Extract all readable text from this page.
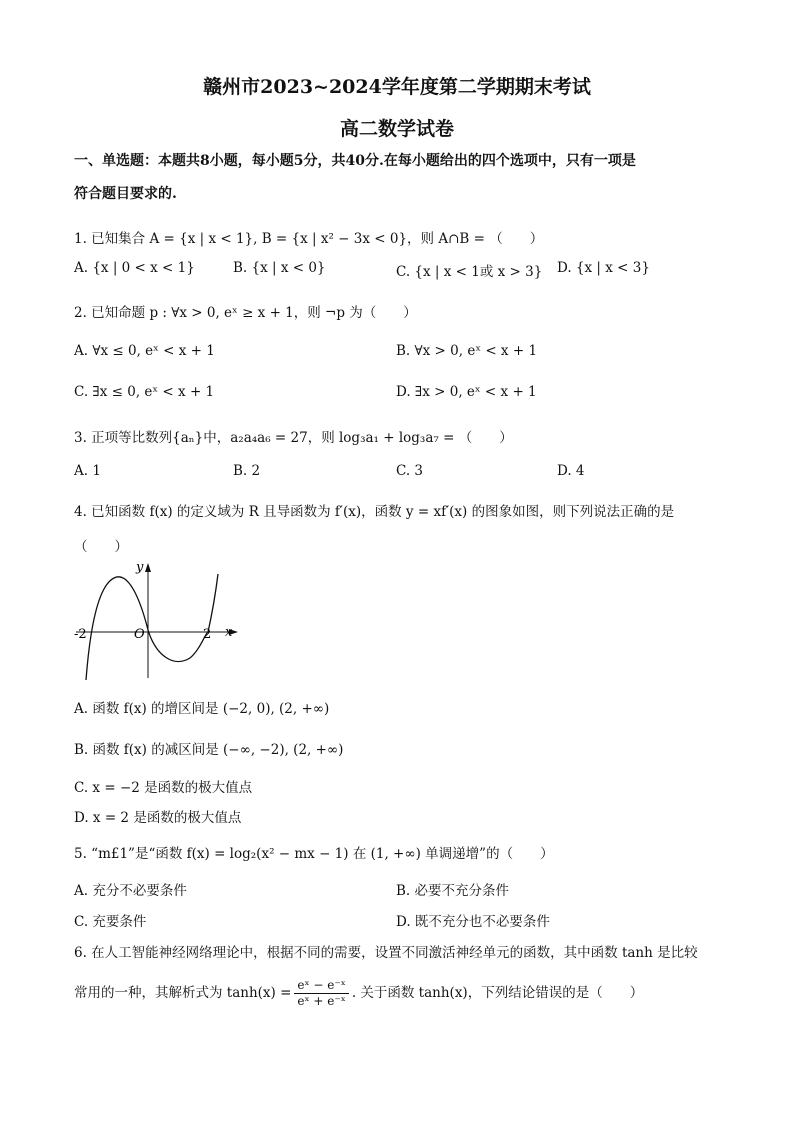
赣州市2023~2024学年度第二学期期末考试
高二数学试卷
一、单选题：本题共8小题，每小题5分，共40分.在每小题给出的四个选项中，只有一项是
符合题目要求的.
1. 已知集合 A = {x | x < 1}, B = {x | x² − 3x < 0}，则 A∩B = （　　）
A. {x | 0 < x < 1}	B. {x | x < 0}	C. {x | x < 1或 x > 3} D. {x | x < 3}
2. 已知命题 p : ∀x > 0, eˣ ≥ x + 1，则 ¬p 为（　　）
A. ∀x ≤ 0, eˣ < x + 1	B. ∀x > 0, eˣ < x + 1
C. ∃x ≤ 0, eˣ < x + 1	D. ∃x > 0, eˣ < x + 1
3. 正项等比数列{aₙ}中，a₂a₄a₆ = 27，则 log₃a₁ + log₃a₇ = （　　）
A. 1	B. 2	C. 3	D. 4
4. 已知函数 f(x) 的定义域为 R 且导函数为 f′(x)，函数 y = xf′(x) 的图象如图，则下列说法正确的是
（　　）
y
x
O
-2	2
A. 函数 f(x) 的增区间是 (−2, 0), (2, +∞)
B. 函数 f(x) 的减区间是 (−∞, −2), (2, +∞)
C. x = −2 是函数的极大值点
D. x = 2 是函数的极大值点
5. “m£1”是“函数 f(x) = log₂(x² − mx − 1) 在 (1, +∞) 单调递增”的（　　）
A. 充分不必要条件	B. 必要不充分条件
C. 充要条件	D. 既不充分也不必要条件
6. 在人工智能神经网络理论中，根据不同的需要，设置不同激活神经单元的函数，其中函数 tanh 是比较
常用的一种，其解析式为 $\tanh(x) = \frac{\text{eˣ − e⁻ˣ}}{\text{eˣ + e⁻ˣ}}$ . 关于函数 tanh(x)，下列结论错误的是（　　）
